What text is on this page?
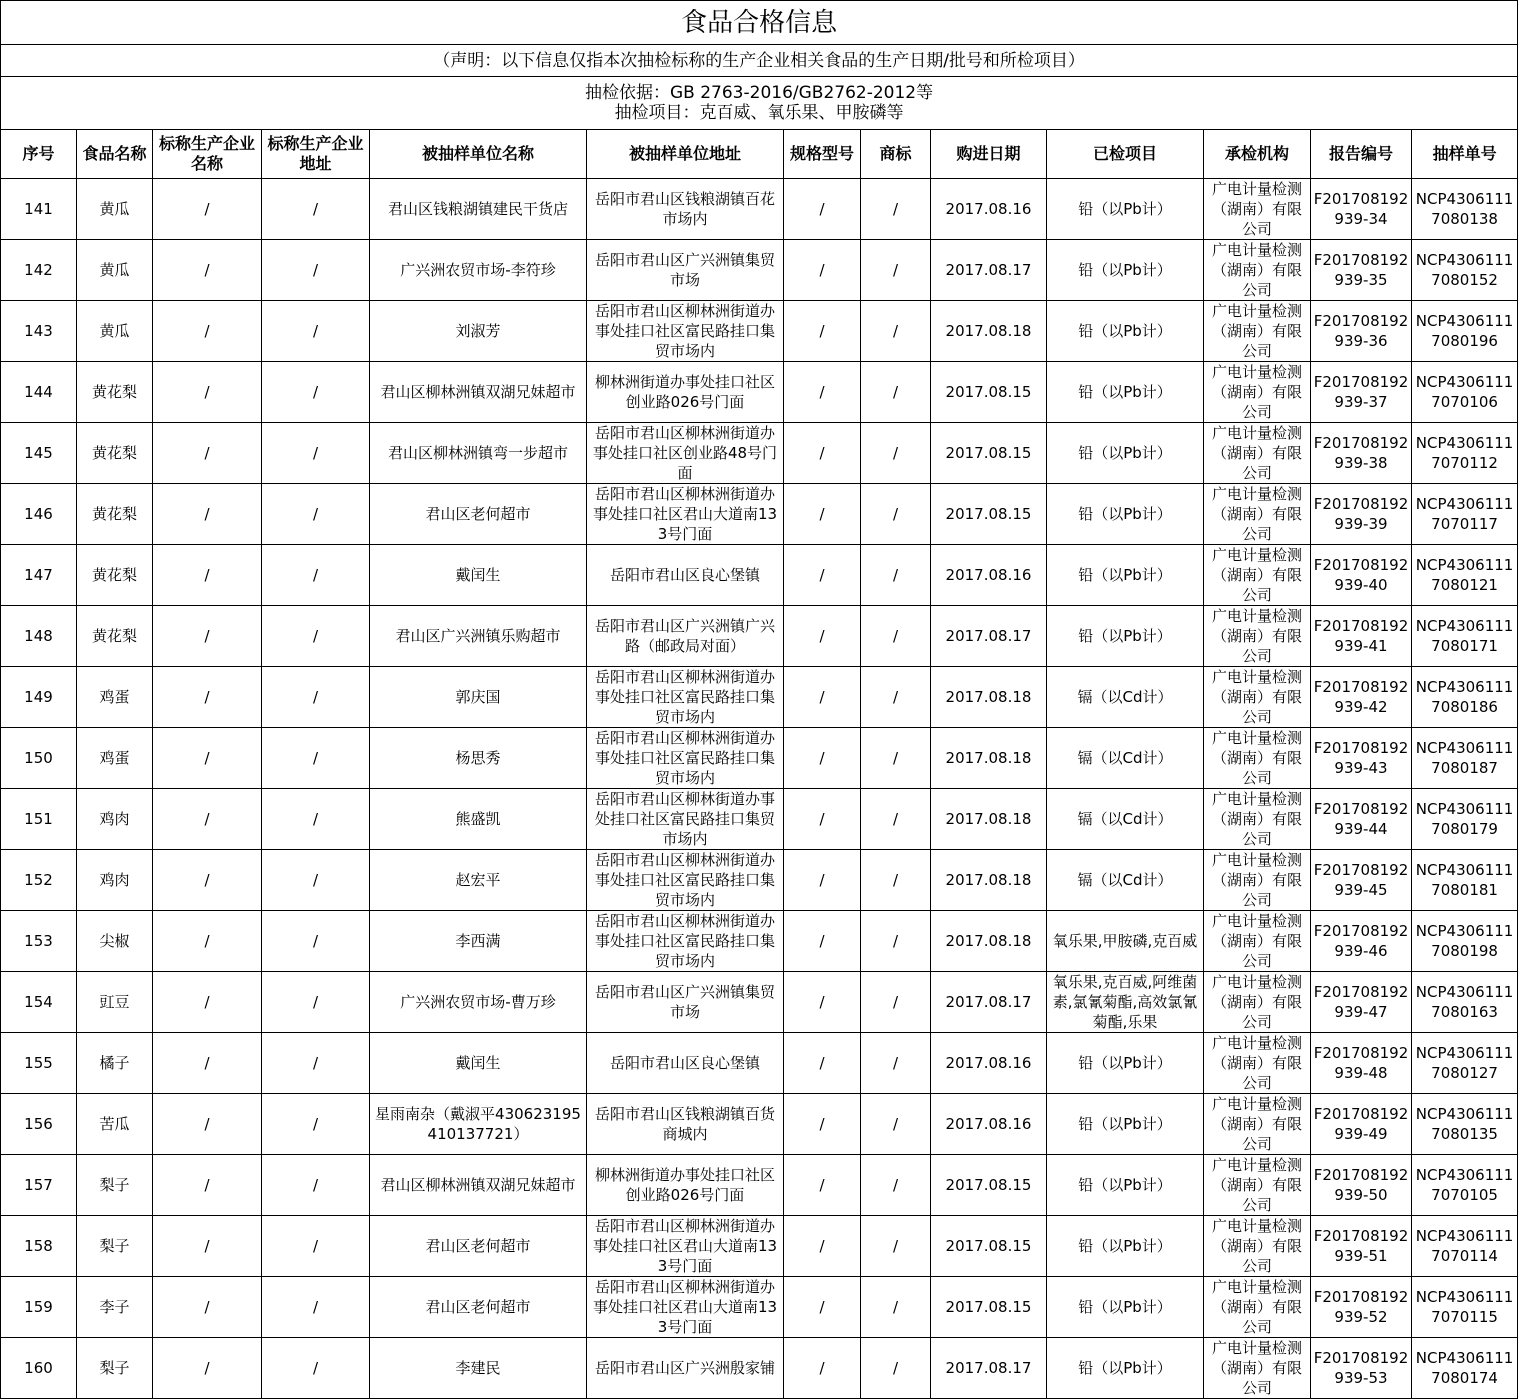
食品合格信息												
（声明：以下信息仅指本次抽检标称的生产企业相关食品的生产日期/批号和所检项目）												

抽检依据：GB 2763-2016/GB2762-2012等
抽检项目：克百威、氧乐果、甲胺磷等												

序号	食品名称	标称生产企业名称	标称生产企业地址	被抽样单位名称	被抽样单位地址	规格型号	商标	购进日期	已检项目	承检机构	报告编号	抽样单号
141	黄瓜	/	/	君山区钱粮湖镇建民干货店	岳阳市君山区钱粮湖镇百花市场内	/	/	2017.08.16	铅（以Pb计）	广电计量检测（湖南）有限公司	F201708192939-34	NCP43061117080138
142	黄瓜	/	/	广兴洲农贸市场-李符珍	岳阳市君山区广兴洲镇集贸市场	/	/	2017.08.17	铅（以Pb计）	广电计量检测（湖南）有限公司	F201708192939-35	NCP43061117080152
143	黄瓜	/	/	刘淑芳	岳阳市君山区柳林洲街道办事处挂口社区富民路挂口集贸市场内	/	/	2017.08.18	铅（以Pb计）	广电计量检测（湖南）有限公司	F201708192939-36	NCP43061117080196
144	黄花梨	/	/	君山区柳林洲镇双湖兄妹超市	柳林洲街道办事处挂口社区创业路026号门面	/	/	2017.08.15	铅（以Pb计）	广电计量检测（湖南）有限公司	F201708192939-37	NCP43061117070106
145	黄花梨	/	/	君山区柳林洲镇弯一步超市	岳阳市君山区柳林洲街道办事处挂口社区创业路48号门面	/	/	2017.08.15	铅（以Pb计）	广电计量检测（湖南）有限公司	F201708192939-38	NCP43061117070112
146	黄花梨	/	/	君山区老何超市	岳阳市君山区柳林洲街道办事处挂口社区君山大道南133号门面	/	/	2017.08.15	铅（以Pb计）	广电计量检测（湖南）有限公司	F201708192939-39	NCP43061117070117
147	黄花梨	/	/	戴闰生	岳阳市君山区良心堡镇	/	/	2017.08.16	铅（以Pb计）	广电计量检测（湖南）有限公司	F201708192939-40	NCP43061117080121
148	黄花梨	/	/	君山区广兴洲镇乐购超市	岳阳市君山区广兴洲镇广兴路（邮政局对面）	/	/	2017.08.17	铅（以Pb计）	广电计量检测（湖南）有限公司	F201708192939-41	NCP43061117080171
149	鸡蛋	/	/	郭庆国	岳阳市君山区柳林洲街道办事处挂口社区富民路挂口集贸市场内	/	/	2017.08.18	镉（以Cd计）	广电计量检测（湖南）有限公司	F201708192939-42	NCP43061117080186
150	鸡蛋	/	/	杨思秀	岳阳市君山区柳林洲街道办事处挂口社区富民路挂口集贸市场内	/	/	2017.08.18	镉（以Cd计）	广电计量检测（湖南）有限公司	F201708192939-43	NCP43061117080187
151	鸡肉	/	/	熊盛凯	岳阳市君山区柳林街道办事处挂口社区富民路挂口集贸市场内	/	/	2017.08.18	镉（以Cd计）	广电计量检测（湖南）有限公司	F201708192939-44	NCP43061117080179
152	鸡肉	/	/	赵宏平	岳阳市君山区柳林洲街道办事处挂口社区富民路挂口集贸市场内	/	/	2017.08.18	镉（以Cd计）	广电计量检测（湖南）有限公司	F201708192939-45	NCP43061117080181
153	尖椒	/	/	李西满	岳阳市君山区柳林洲街道办事处挂口社区富民路挂口集贸市场内	/	/	2017.08.18	氧乐果,甲胺磷,克百威	广电计量检测（湖南）有限公司	F201708192939-46	NCP43061117080198
154	豇豆	/	/	广兴洲农贸市场-曹万珍	岳阳市君山区广兴洲镇集贸市场	/	/	2017.08.17	氧乐果,克百威,阿维菌素,氯氰菊酯,高效氯氰菊酯,乐果	广电计量检测（湖南）有限公司	F201708192939-47	NCP43061117080163
155	橘子	/	/	戴闰生	岳阳市君山区良心堡镇	/	/	2017.08.16	铅（以Pb计）	广电计量检测（湖南）有限公司	F201708192939-48	NCP43061117080127
156	苦瓜	/	/	星雨南杂（戴淑平430623195410137721）	岳阳市君山区钱粮湖镇百货商城内	/	/	2017.08.16	铅（以Pb计）	广电计量检测（湖南）有限公司	F201708192939-49	NCP43061117080135
157	梨子	/	/	君山区柳林洲镇双湖兄妹超市	柳林洲街道办事处挂口社区创业路026号门面	/	/	2017.08.15	铅（以Pb计）	广电计量检测（湖南）有限公司	F201708192939-50	NCP43061117070105
158	梨子	/	/	君山区老何超市	岳阳市君山区柳林洲街道办事处挂口社区君山大道南133号门面	/	/	2017.08.15	铅（以Pb计）	广电计量检测（湖南）有限公司	F201708192939-51	NCP43061117070114
159	李子	/	/	君山区老何超市	岳阳市君山区柳林洲街道办事处挂口社区君山大道南133号门面	/	/	2017.08.15	铅（以Pb计）	广电计量检测（湖南）有限公司	F201708192939-52	NCP43061117070115
160	梨子	/	/	李建民	岳阳市君山区广兴洲殷家铺	/	/	2017.08.17	铅（以Pb计）	广电计量检测（湖南）有限公司	F201708192939-53	NCP43061117080174
